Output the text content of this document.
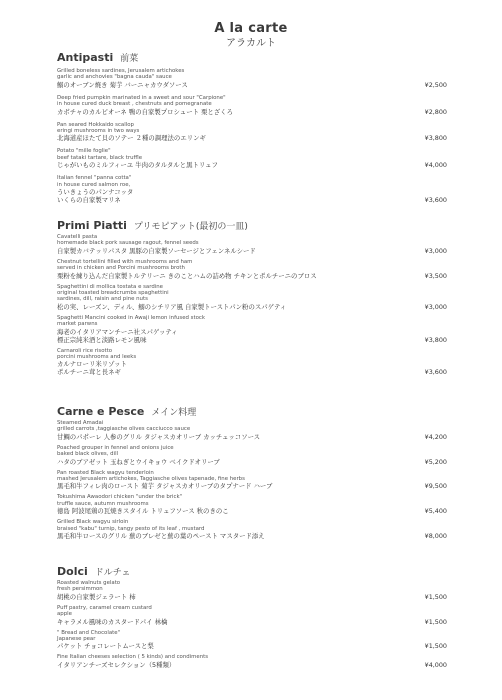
A la carte
アラカルト
Antipasti 前菜
Grilled boneless sardines, Jerusalem artichokes
garlic and anchovies "bagna cauda" sauce
鰯のオーブン焼き 菊芋 バーニャカウダソース	¥2,500
Deep fried pumpkin marinated in a sweet and sour "Carpione"
in house cured duck breast , chestnuts and pomegranate
カボチャのカルピオーネ 鴨の自家製プロシュート 栗とざくろ	¥2,800
Pan seared Hokkaido scallop
eringi mushrooms in two ways
北海道産ほたて貝のソテー ２種の調理法のエリンギ	¥3,800
Potato "mille foglie"
beef tataki tartare, black truffle
じゃがいものミルフィーユ 牛肉のタルタルと黒トリュフ	¥4,000
Italian fennel "panna cotta"
in house cured salmon roe,
ういきょうのパンナコッタ
いくらの自家製マリネ	¥3,600
Primi Piatti プリモピアット(最初の一皿)
Cavatelli pasta
homemade black pork sausage ragout, fennel seeds
自家製カバテッリパスタ 黒豚の自家製ソーセージとフェンネルシード	¥3,000
Chestnut tortellini filled with mushrooms and ham
served in chicken and Porcini mushrooms broth
栗粉を練り込んだ自家製トルテリーニ きのことハムの詰め物 チキンとポルチーニのブロス	¥3,500
Spaghettini di mollica tostata e sardine
original toasted breadcrumbs spaghettini
sardines, dill, raisin and pine nuts
松の実、レーズン、ディル、鰯のシチリア風 自家製トーストパン粉のスパゲティ	¥3,000
Spaghetti Mancini cooked in Awaji lemon infused stock
market parwns
海老のイタリアマンチーニ社スパゲッティ
標正宗純米酒と淡路レモン風味	¥3,800
Carnaroli rice risotto
porcini mushrooms and leeks
カルナローリ米リゾット
ポルチーニ茸と長ネギ	¥3,600
Carne e Pesce メイン料理
Steamed Amadai
grilled carrots ,taggiasche olives cacciucco sauce
甘鯛のパポーレ 人参のグリル タジャスカオリーブ カッチュッコソース	¥4,200
Poached grouper in fennel and onions juice
baked black olives, dill
ハタのブアゼット 玉ねぎとウイキョウ ベイクドオリーブ	¥5,200
Pan roasted Black wagyu tenderloin
mashed Jerusalem artichokes, Taggiasche olives tapenade, fine herbs
黒毛和牛フィレ肉のロースト 菊芋 タジャスカオリーブのタプナード ハーブ	¥9,500
Tokushima Awaodori chicken "under the brick"
truffle sauce, autumn mushrooms
徳島 阿波尾鶏の瓦焼きスタイル トリュフソース 秋のきのこ	¥5,400
Grilled Black wagyu sirloin
braised "kabu" turnip, tangy pesto of its leaf , mustard
黒毛和牛ロースのグリル 蕪のブレゼと蕪の葉のペースト マスタード添え	¥8,000
Dolci ドルチェ
Roasted walnuts gelato
fresh persimmon
胡桃の自家製ジェラート 柿	¥1,500
Puff pastry, caramel cream custard
apple
キャラメル風味のカスタードパイ 林檎	¥1,500
" Bread and Chocolate"
Japanese pear
パケット チョコレートムースと梨	¥1,500
Fine Italian cheeses selection ( 5 kinds) and condiments
イタリアンチーズセレクション（5種類）	¥4,000
